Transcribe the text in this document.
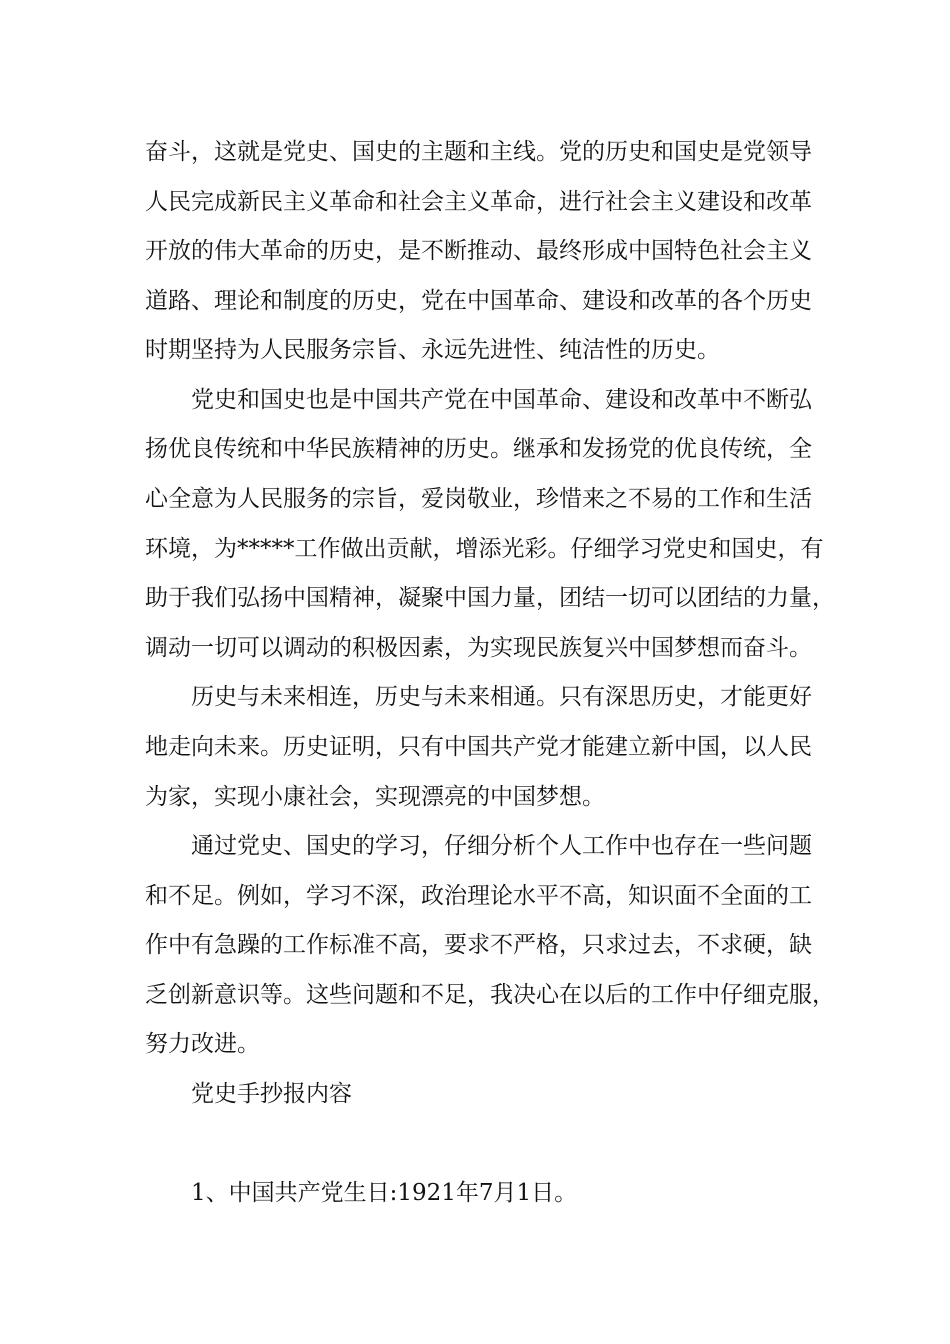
奋斗，这就是党史、国史的主题和主线。党的历史和国史是党领导

人民完成新民主义革命和社会主义革命，进行社会主义建设和改革

开放的伟大革命的历史，是不断推动、最终形成中国特色社会主义

道路、理论和制度的历史，党在中国革命、建设和改革的各个历史

时期坚持为人民服务宗旨、永远先进性、纯洁性的历史。

党史和国史也是中国共产党在中国革命、建设和改革中不断弘

扬优良传统和中华民族精神的历史。继承和发扬党的优良传统，全

心全意为人民服务的宗旨，爱岗敬业，珍惜来之不易的工作和生活

环境，为*****工作做出贡献，增添光彩。仔细学习党史和国史，有

助于我们弘扬中国精神，凝聚中国力量，团结一切可以团结的力量，

调动一切可以调动的积极因素，为实现民族复兴中国梦想而奋斗。

历史与未来相连，历史与未来相通。只有深思历史，才能更好

地走向未来。历史证明，只有中国共产党才能建立新中国，以人民

为家，实现小康社会，实现漂亮的中国梦想。

通过党史、国史的学习，仔细分析个人工作中也存在一些问题

和不足。例如，学习不深，政治理论水平不高，知识面不全面的工

作中有急躁的工作标准不高，要求不严格，只求过去，不求硬，缺

乏创新意识等。这些问题和不足，我决心在以后的工作中仔细克服，

努力改进。

党史手抄报内容

1、中国共产党生日:1921年7月1日。
